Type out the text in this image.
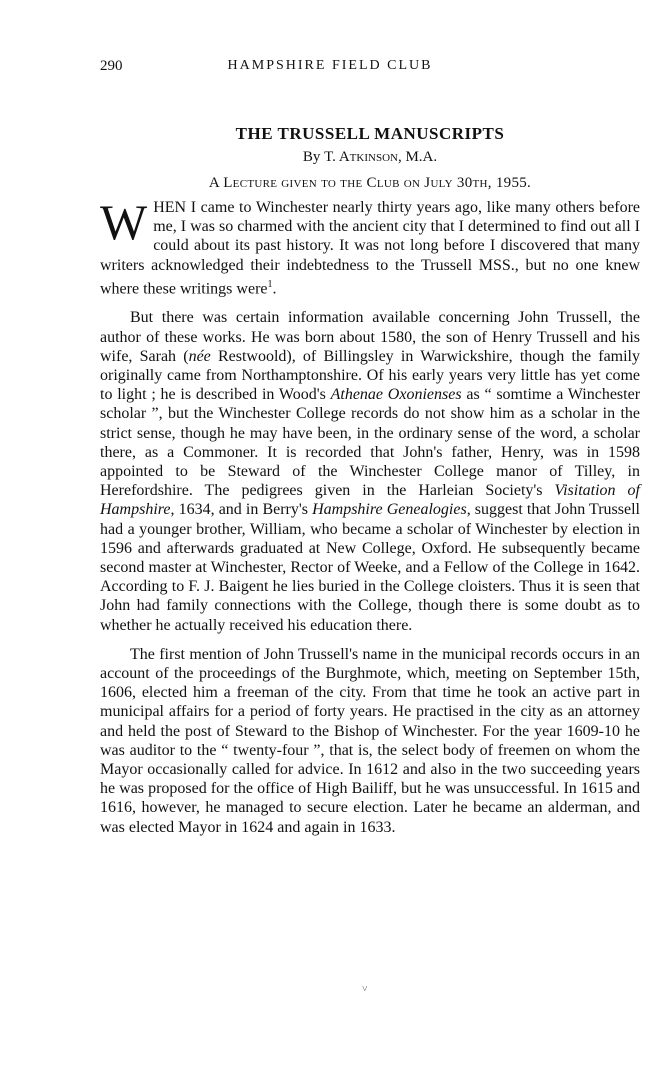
290	HAMPSHIRE FIELD CLUB
THE TRUSSELL MANUSCRIPTS
By T. Atkinson, M.A.
A Lecture given to the Club on July 30th, 1955.

WHEN I came to Winchester nearly thirty years ago, like many others before me, I was so charmed with the ancient city that I determined to find out all I could about its past history. It was not long before I discovered that many writers acknowledged their indebtedness to the Trussell MSS., but no one knew where these writings were$^1$.

But there was certain information available concerning John Trussell, the author of these works. He was born about 1580, the son of Henry Trussell and his wife, Sarah (née Restwoold), of Billingsley in Warwickshire, though the family originally came from Northamptonshire. Of his early years very little has yet come to light ; he is described in Wood's Athenae Oxonienses as “ somtime a Winchester scholar ”, but the Winchester College records do not show him as a scholar in the strict sense, though he may have been, in the ordinary sense of the word, a scholar there, as a Commoner. It is recorded that John's father, Henry, was in 1598 appointed to be Steward of the Winchester College manor of Tilley, in Herefordshire. The pedigrees given in the Harleian Society's Visitation of Hampshire, 1634, and in Berry's Hampshire Genealogies, suggest that John Trussell had a younger brother, William, who became a scholar of Winchester by election in 1596 and afterwards graduated at New College, Oxford. He subsequently became second master at Winchester, Rector of Weeke, and a Fellow of the College in 1642. According to F. J. Baigent he lies buried in the College cloisters. Thus it is seen that John had family connections with the College, though there is some doubt as to whether he actually received his education there.

The first mention of John Trussell's name in the municipal records occurs in an account of the proceedings of the Burghmote, which, meeting on September 15th, 1606, elected him a freeman of the city. From that time he took an active part in municipal affairs for a period of forty years. He practised in the city as an attorney and held the post of Steward to the Bishop of Winchester. For the year 1609-10 he was auditor to the “ twenty-four ”, that is, the select body of freemen on whom the Mayor occasionally called for advice. In 1612 and also in the two succeeding years he was proposed for the office of High Bailiff, but he was unsuccessful. In 1615 and 1616, however, he managed to secure election. Later he became an alderman, and was elected Mayor in 1624 and again in 1633.

˅
